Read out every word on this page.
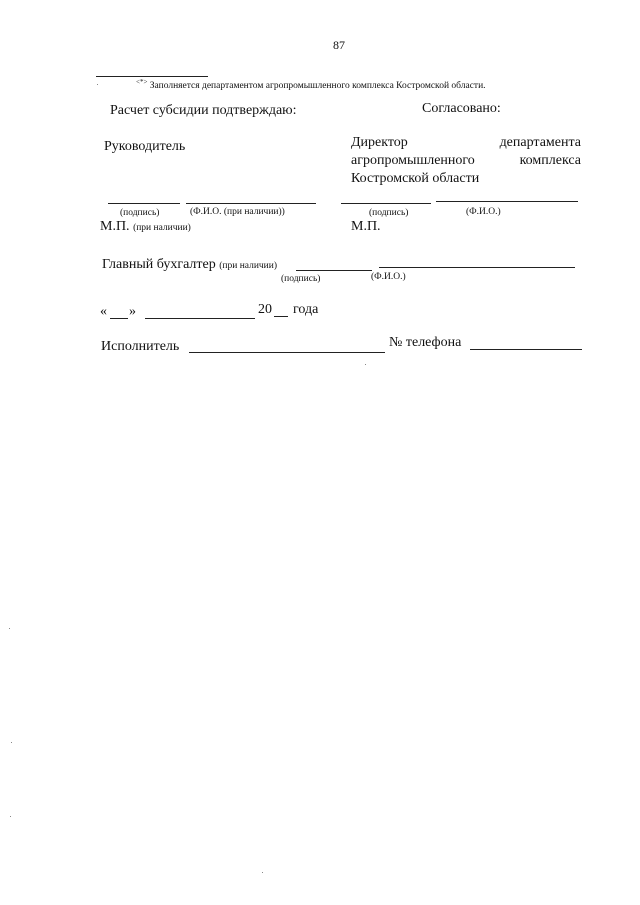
87
<*> Заполняется департаментом агропромышленного комплекса Костромской области.
Расчет субсидии подтверждаю:	Согласовано:
Руководитель
(подпись)	(Ф.И.О. (при наличии))
М.П. (при наличии)
Директор	департамента
агропромышленного	комплекса
Костромской области
(подпись)	(Ф.И.О.)
М.П.
Главный бухгалтер (при наличии)
(подпись)	(Ф.И.О.)
« »	20 года
Исполнитель	№ телефона
